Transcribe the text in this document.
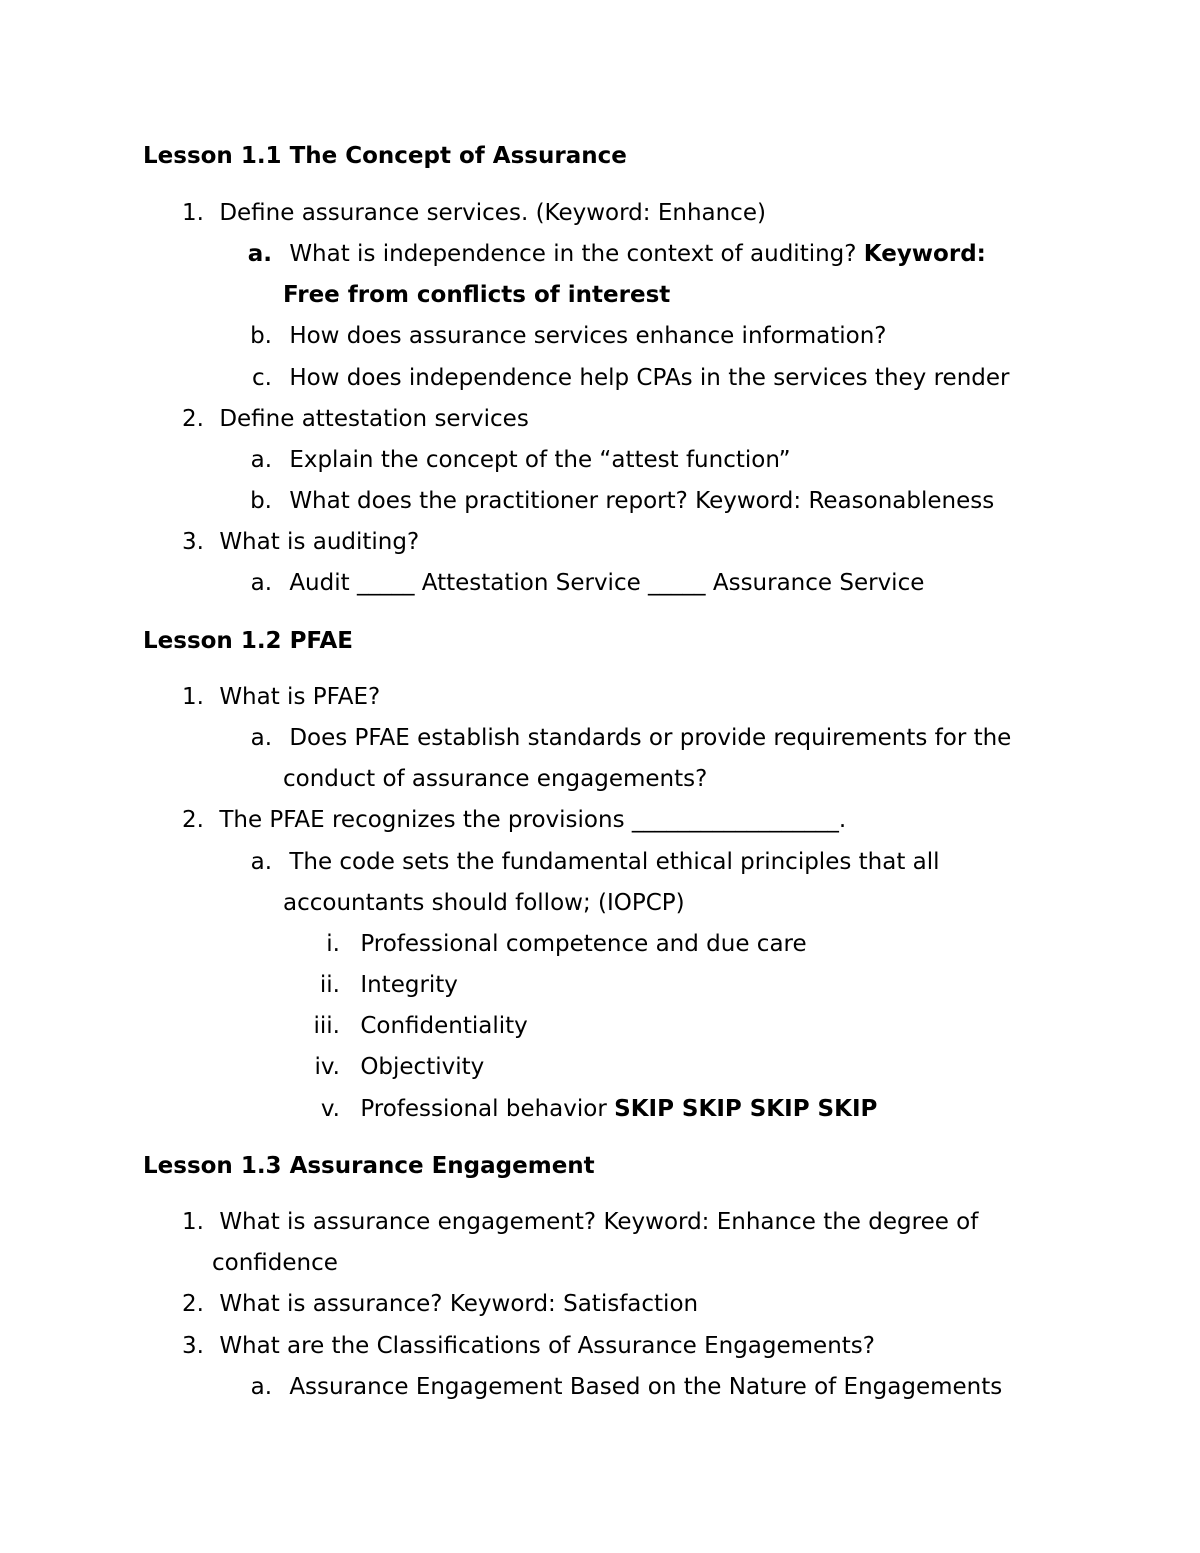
Lesson 1.1 The Concept of Assurance
1. Define assurance services. (Keyword: Enhance)
a. What is independence in the context of auditing? Keyword:
Free from conflicts of interest
b. How does assurance services enhance information?
c. How does independence help CPAs in the services they render
2. Define attestation services
a. Explain the concept of the “attest function”
b. What does the practitioner report? Keyword: Reasonableness
3. What is auditing?
a. Audit _____ Attestation Service _____ Assurance Service
Lesson 1.2 PFAE
1. What is PFAE?
a. Does PFAE establish standards or provide requirements for the
conduct of assurance engagements?
2. The PFAE recognizes the provisions __________________.
a. The code sets the fundamental ethical principles that all
accountants should follow; (IOPCP)
i. Professional competence and due care
ii. Integrity
iii. Confidentiality
iv. Objectivity
v. Professional behavior SKIP SKIP SKIP SKIP
Lesson 1.3 Assurance Engagement
1. What is assurance engagement? Keyword: Enhance the degree of
confidence
2. What is assurance? Keyword: Satisfaction
3. What are the Classifications of Assurance Engagements?
a. Assurance Engagement Based on the Nature of Engagements
